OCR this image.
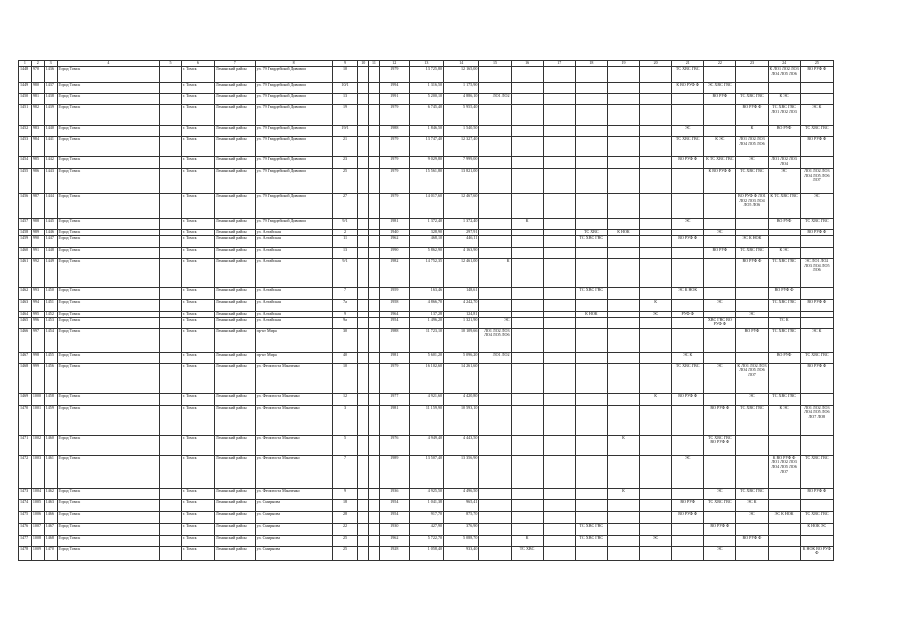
1	2	3	4	5	6	7	8	9	10	11	12	13	14	15	16	17	18	19	20	21	22	23	24	25
1448	970	1436	Город Томск		г. Томск	Ленинский район	ул. 79 Гвардейской Дивизии	10			1979	13 725,80	12 165,00							ТС ХВС ГВС			К ЛО1 ЛО2 ЛО3 ЛО4 ЛО5 ЛО6	ВО РУФ Ф
1449	980	1437	Город Томск		г. Томск	Ленинский район	ул. 79 Гвардейской Дивизии	10/1			1994	1 316,50	1 175,90							К ВО РУФ Ф	ЭС ХВС ГВС			
1450	981	1438	Город Томск		г. Томск	Ленинский район	ул. 79 Гвардейской Дивизии	13			1991	5 200,10	4 886,10	ЛО1 ЛО2							ВО РУФ	ТС ХВС ГВС	К ЭС	
1451	982	1439	Город Томск		г. Томск	Ленинский район	ул. 79 Гвардейской Дивизии	19			1979	6 745,40	5 955,40									ВО РУФ Ф	ТС ХВС ГВС ЛО1 ЛО2 ЛО3	ЭС К
1452	983	1440	Город Томск		г. Томск	Ленинский район	ул. 79 Гвардейской Дивизии	19/1			1988	1 846,50	1 540,50							ЭС		К	ВО РУФ	ТС ХВС ГВС
1453	984	1441	Город Томск		г. Томск	Ленинский район	ул. 79 Гвардейской Дивизии	21			1979	13 747,40	12 327,40							ТС ХВС ГВС	К ЭС	ЛО1 ЛО2 ЛО3 ЛО4 ЛО5 ЛО6		ВО РУФ Ф
1454	985	1442	Город Томск		г. Томск	Ленинский район	ул. 79 Гвардейской Дивизии	23			1979	9 029,80	7 999,00							ВО РУФ Ф	К ТС ХВС ГВС	ЭС	ЛО1 ЛО2 ЛО3 ЛО4	
1455	986	1443	Город Томск		г. Томск	Ленинский район	ул. 79 Гвардейской Дивизии	25			1979	15 561,80	13 821,00								К ВО РУФ Ф	ТС ХВС ГВС	ЭС	ЛО1 ЛО2 ЛО3 ЛО4 ЛО5 ЛО6 ЛО7
1456	987	1444	Город Томск		г. Томск	Ленинский район	ул. 79 Гвардейской Дивизии	27			1979	14 017,60	12 467,60									ВО РУФ Ф ЛО1 ЛО2 ЛО3 ЛО4 ЛО5 ЛО6	К ТС ХВС ГВС	ЭС
1457	988	1445	Город Томск		г. Томск	Ленинский район	ул. 79 Гвардейской Дивизии	9/1			1981	1 372,40	1 372,40		К					ЭС			ВО РУФ	ТС ХВС ГВС
1458	989	1446	Город Томск		г. Томск	Ленинский район	ул. Алтайская	2			1940	328,90	297,91				ТС ХВС	К НОК			ЭС			ВО РУФ Ф
1459	990	1447	Город Томск		г. Томск	Ленинский район	ул. Алтайская	11			1962	468,10	446,11				ТС ХВС ГВС			ВО РУФ Ф		ЭС К НОК		
1460	991	1448	Город Томск		г. Томск	Ленинский район	ул. Алтайская	13			1990	5 862,90	4 163,90								ВО РУФ	ТС ХВС ГВС	К ЭС	
1461	992	1449	Город Томск		г. Томск	Ленинский район	ул. Алтайская	9/1			1982	14 752,35	12 461,00	К								ВО РУФ Ф	ТС ХВС ГВС	ЭС ЛО1 ЛО2 ЛО3 ЛО4 ЛО5 ЛО6
1462	993	1450	Город Томск		г. Томск	Ленинский район	ул. Алтайская	7			1959	163,46	148,61				ТС ХВС ГВС			ЭС К НОК			ВО РУФ Ф	
1463	994	1451	Город Томск		г. Томск	Ленинский район	ул. Алтайская	7а			1958	4 866,70	4 242,70						К		ЭС		ТС ХВС ГВС	ВО РУФ Ф
1464	995	1452	Город Томск		г. Томск	Ленинский район	ул. Алтайская	9			1964	137,28	124,81				К НОК		ЭС	РУФ Ф		ЭС		
1465	996	1453	Город Томск		г. Томск	Ленинский район	ул. Алтайская	9а			1954	1 496,20	1 321,90	ЭС							ХВС ГВС ВО РУФ Ф		ТС К	
1466	997	1454	Город Томск		г. Томск	Ленинский район	пр-кт Мира	30			1988	11 723,10	10 109,66	ЛО1 ЛО2 ЛО3 ЛО4 ЛО5 ЛО6								ВО РУФ	ТС ХВС ГВС	ЭС К
1467	998	1455	Город Томск		г. Томск	Ленинский район	пр-кт Мира	40			1981	5 601,20	5 096,20	ЛО1 ЛО2						ЭС К			ВО РУФ	ТС ХВС ГВС
1468	999	1456	Город Томск		г. Томск	Ленинский район	ул. Феоктиста Манченко	10			1979	16 102,60	14 261,60							ТС ХВС ГВС	ЭС	К ЛО1 ЛО2 ЛО3 ЛО4 ЛО5 ЛО6 ЛО7		ВО РУФ Ф
1469	1000	1458	Город Томск		г. Томск	Ленинский район	ул. Феоктиста Манченко	12			1977	4 921,60	4 420,80						К	ВО РУФ Ф		ЭС	ТС ХВС ГВС	
1470	1001	1459	Город Томск		г. Томск	Ленинский район	ул. Феоктиста Манченко	3			1981	11 159,90	10 593,10								ВО РУФ Ф	ТС ХВС ГВС	К ЭС	ЛО1 ЛО2 ЛО3 ЛО4 ЛО5 ЛО6 ЛО7 ЛО8
1471	1002	1460	Город Томск		г. Томск	Ленинский район	ул. Феоктиста Манченко	5			1976	4 949,40	4 443,50					К			ТС ХВС ГВС ВО РУФ Ф			
1472	1003	1461	Город Томск		г. Томск	Ленинский район	ул. Феоктиста Манченко	7			1989	13 507,40	13 356,90							ЭС			К ВО РУФ Ф ЛО1 ЛО2 ЛО3 ЛО4 ЛО5 ЛО6 ЛО7	ТС ХВС ГВС
1473	1004	1462	Город Томск		г. Томск	Ленинский район	ул. Феоктиста Манченко	9			1936	4 925,50	4 496,50					К			ЭС	ТС ХВС ГВС		ВО РУФ Ф
1474	1005	1463	Город Томск		г. Томск	Ленинский район	ул. Смирнова	18			1954	1 041,38	965,41							ВО РУФ	ТС ХВС ГВС	ЭС К		
1475	1006	1466	Город Томск		г. Томск	Ленинский район	ул. Смирнова	28			1954	917,70	875,70							ВО РУФ Ф		ЭС	ЭС К НОК	ТС ХВС ГВС
1476	1007	1467	Город Томск		г. Томск	Ленинский район	ул. Смирнова	22			1930	427,90	376,90				ТС ХВС ГВС				ВО РУФ Ф			К НОК ЭС
1477	1008	1468	Город Томск		г. Томск	Ленинский район	ул. Смирнова	25			1962	5 722,70	5 088,70		К		ТС ХВС ГВС		ЭС			ВО РУФ Ф		
1478	1009	1470	Город Томск		г. Томск	Ленинский район	ул. Смирнова	25			1928	1 058,40	933,40		ТС ХВС						ЭС			К НОК ВО РУФ Ф
